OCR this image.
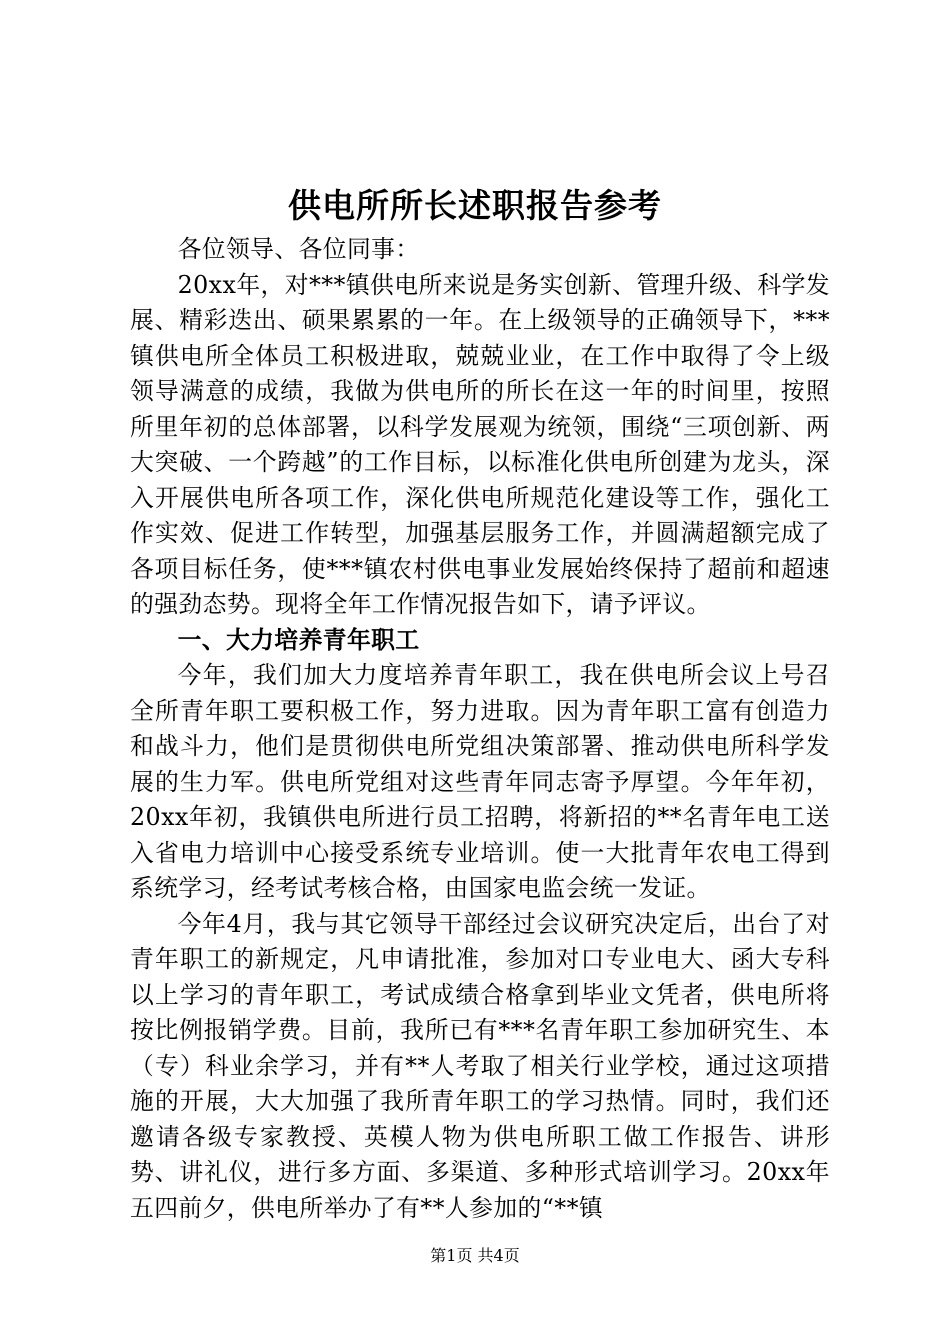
供电所所长述职报告参考

各位领导、各位同事：

20xx年，对***镇供电所来说是务实创新、管理升级、科学发展、精彩迭出、硕果累累的一年。在上级领导的正确领导下，***镇供电所全体员工积极进取，兢兢业业，在工作中取得了令上级领导满意的成绩，我做为供电所的所长在这一年的时间里，按照所里年初的总体部署，以科学发展观为统领，围绕“三项创新、两大突破、一个跨越”的工作目标，以标准化供电所创建为龙头，深入开展供电所各项工作，深化供电所规范化建设等工作，强化工作实效、促进工作转型，加强基层服务工作，并圆满超额完成了各项目标任务，使***镇农村供电事业发展始终保持了超前和超速的强劲态势。现将全年工作情况报告如下，请予评议。

一、大力培养青年职工

今年，我们加大力度培养青年职工，我在供电所会议上号召全所青年职工要积极工作，努力进取。因为青年职工富有创造力和战斗力，他们是贯彻供电所党组决策部署、推动供电所科学发展的生力军。供电所党组对这些青年同志寄予厚望。今年年初，20xx年初，我镇供电所进行员工招聘，将新招的**名青年电工送入省电力培训中心接受系统专业培训。使一大批青年农电工得到系统学习，经考试考核合格，由国家电监会统一发证。

今年4月，我与其它领导干部经过会议研究决定后，出台了对青年职工的新规定，凡申请批准，参加对口专业电大、函大专科以上学习的青年职工，考试成绩合格拿到毕业文凭者，供电所将按比例报销学费。目前，我所已有***名青年职工参加研究生、本（专）科业余学习，并有**人考取了相关行业学校，通过这项措施的开展，大大加强了我所青年职工的学习热情。同时，我们还邀请各级专家教授、英模人物为供电所职工做工作报告、讲形势、讲礼仪，进行多方面、多渠道、多种形式培训学习。20xx年五四前夕，供电所举办了有**人参加的“**镇

第1页 共4页
